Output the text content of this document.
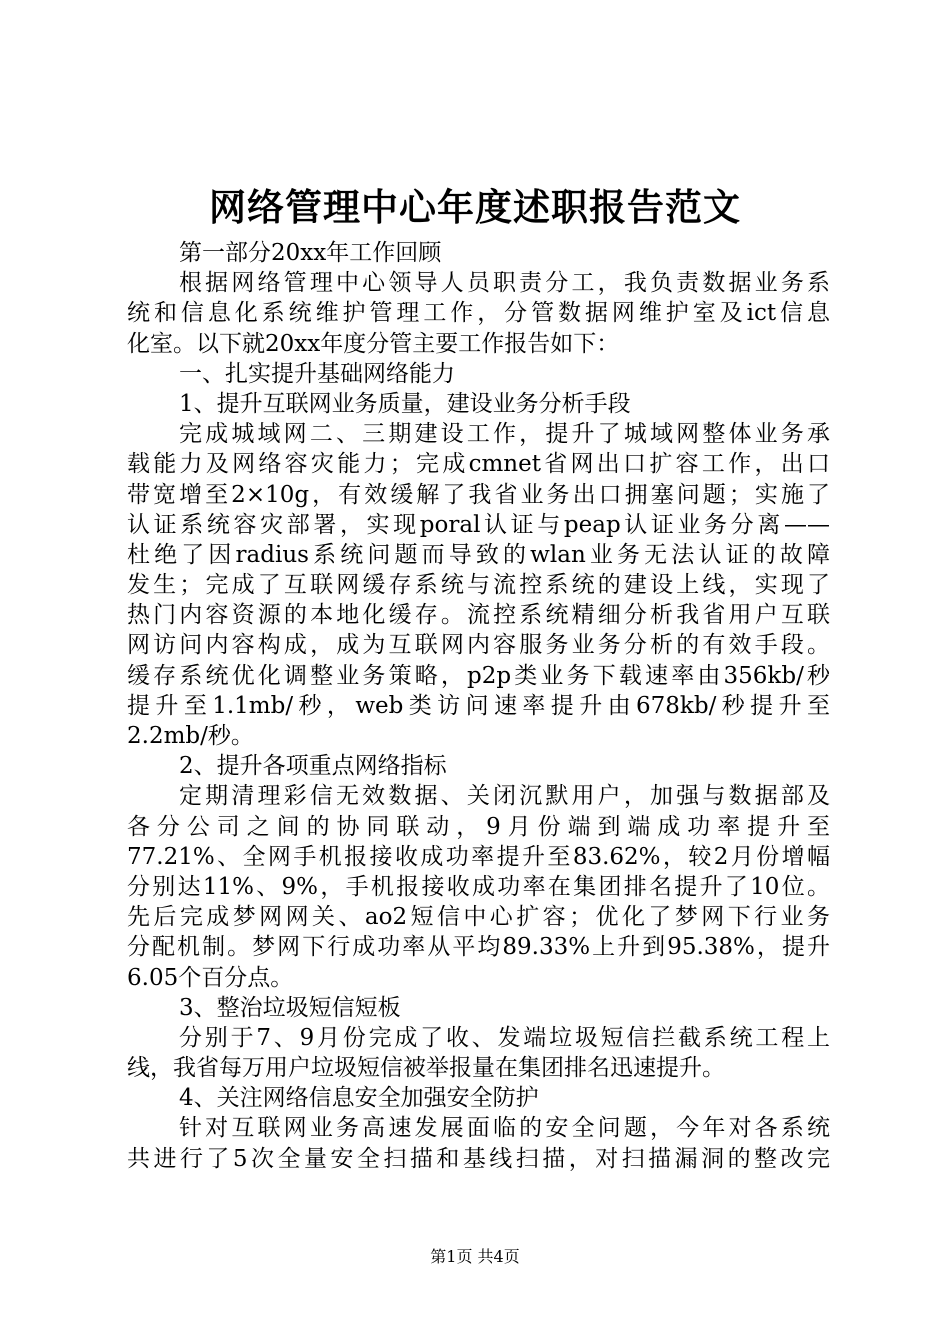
网络管理中心年度述职报告范文
第一部分20xx年工作回顾
根据网络管理中心领导人员职责分工，我负责数据业务系
统和信息化系统维护管理工作，分管数据网维护室及ict信息
化室。以下就20xx年度分管主要工作报告如下：
一、扎实提升基础网络能力
1、提升互联网业务质量，建设业务分析手段
完成城域网二、三期建设工作，提升了城域网整体业务承
载能力及网络容灾能力；完成cmnet省网出口扩容工作，出口
带宽增至2×10g，有效缓解了我省业务出口拥塞问题；实施了
认证系统容灾部署，实现poral认证与peap认证业务分离——
杜绝了因radius系统问题而导致的wlan业务无法认证的故障
发生；完成了互联网缓存系统与流控系统的建设上线，实现了
热门内容资源的本地化缓存。流控系统精细分析我省用户互联
网访问内容构成，成为互联网内容服务业务分析的有效手段。
缓存系统优化调整业务策略，p2p类业务下载速率由356kb/秒
提升至1.1mb/秒，web类访问速率提升由678kb/秒提升至
2.2mb/秒。
2、提升各项重点网络指标
定期清理彩信无效数据、关闭沉默用户，加强与数据部及
各分公司之间的协同联动，9月份端到端成功率提升至
77.21%、全网手机报接收成功率提升至83.62%，较2月份增幅
分别达11%、9%，手机报接收成功率在集团排名提升了10位。
先后完成梦网网关、ao2短信中心扩容；优化了梦网下行业务
分配机制。梦网下行成功率从平均89.33%上升到95.38%，提升
6.05个百分点。
3、整治垃圾短信短板
分别于7、9月份完成了收、发端垃圾短信拦截系统工程上
线，我省每万用户垃圾短信被举报量在集团排名迅速提升。
4、关注网络信息安全加强安全防护
针对互联网业务高速发展面临的安全问题，今年对各系统
共进行了5次全量安全扫描和基线扫描，对扫描漏洞的整改完
第1页 共4页
